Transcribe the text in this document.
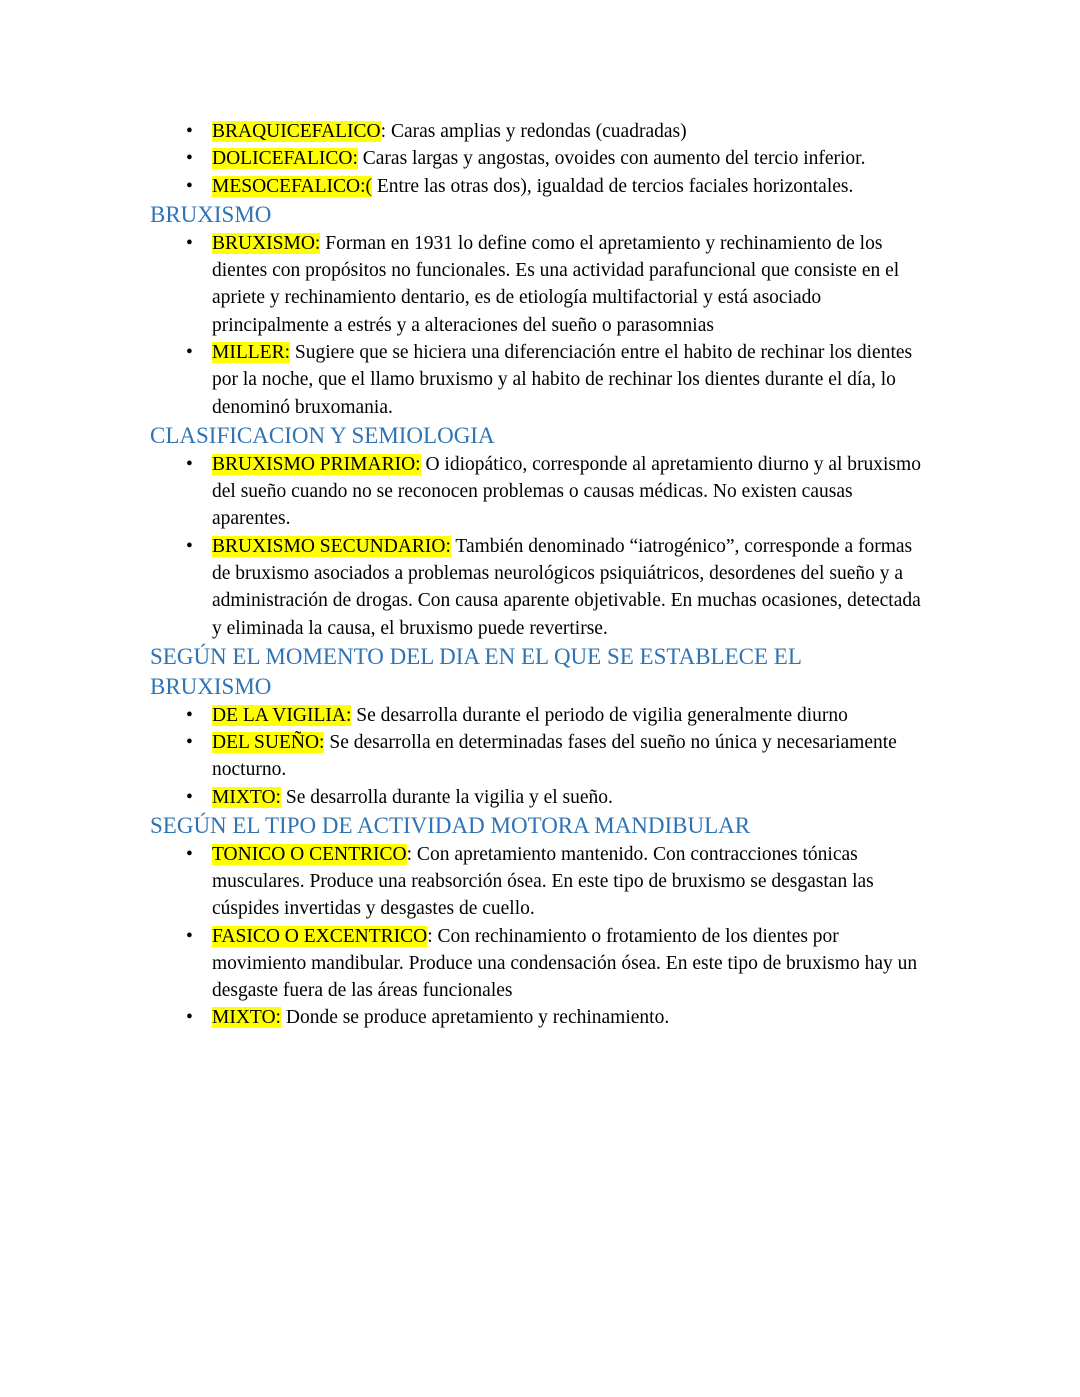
• BRAQUICEFALICO: Caras amplias y redondas (cuadradas)
• DOLICEFALICO: Caras largas y angostas, ovoides con aumento del tercio inferior.
• MESOCEFALICO:( Entre las otras dos), igualdad de tercios faciales horizontales.
BRUXISMO
• BRUXISMO: Forman en 1931 lo define como el apretamiento y rechinamiento de los dientes con propósitos no funcionales. Es una actividad parafuncional que consiste en el apriete y rechinamiento dentario, es de etiología multifactorial y está asociado principalmente a estrés y a alteraciones del sueño o parasomnias
• MILLER: Sugiere que se hiciera una diferenciación entre el habito de rechinar los dientes por la noche, que el llamo bruxismo y al habito de rechinar los dientes durante el día, lo denominó bruxomania.
CLASIFICACION Y SEMIOLOGIA
• BRUXISMO PRIMARIO: O idiopático, corresponde al apretamiento diurno y al bruxismo del sueño cuando no se reconocen problemas o causas médicas. No existen causas aparentes.
• BRUXISMO SECUNDARIO: También denominado “iatrogénico”, corresponde a formas de bruxismo asociados a problemas neurológicos psiquiátricos, desordenes del sueño y a administración de drogas. Con causa aparente objetivable. En muchas ocasiones, detectada y eliminada la causa, el bruxismo puede revertirse.
SEGÚN EL MOMENTO DEL DIA EN EL QUE SE ESTABLECE EL BRUXISMO
• DE LA VIGILIA: Se desarrolla durante el periodo de vigilia generalmente diurno
• DEL SUEÑO: Se desarrolla en determinadas fases del sueño no única y necesariamente nocturno.
• MIXTO: Se desarrolla durante la vigilia y el sueño.
SEGÚN EL TIPO DE ACTIVIDAD MOTORA MANDIBULAR
• TONICO O CENTRICO: Con apretamiento mantenido. Con contracciones tónicas musculares. Produce una reabsorción ósea. En este tipo de bruxismo se desgastan las cúspides invertidas y desgastes de cuello.
• FASICO O EXCENTRICO: Con rechinamiento o frotamiento de los dientes por movimiento mandibular. Produce una condensación ósea. En este tipo de bruxismo hay un desgaste fuera de las áreas funcionales
• MIXTO: Donde se produce apretamiento y rechinamiento.
